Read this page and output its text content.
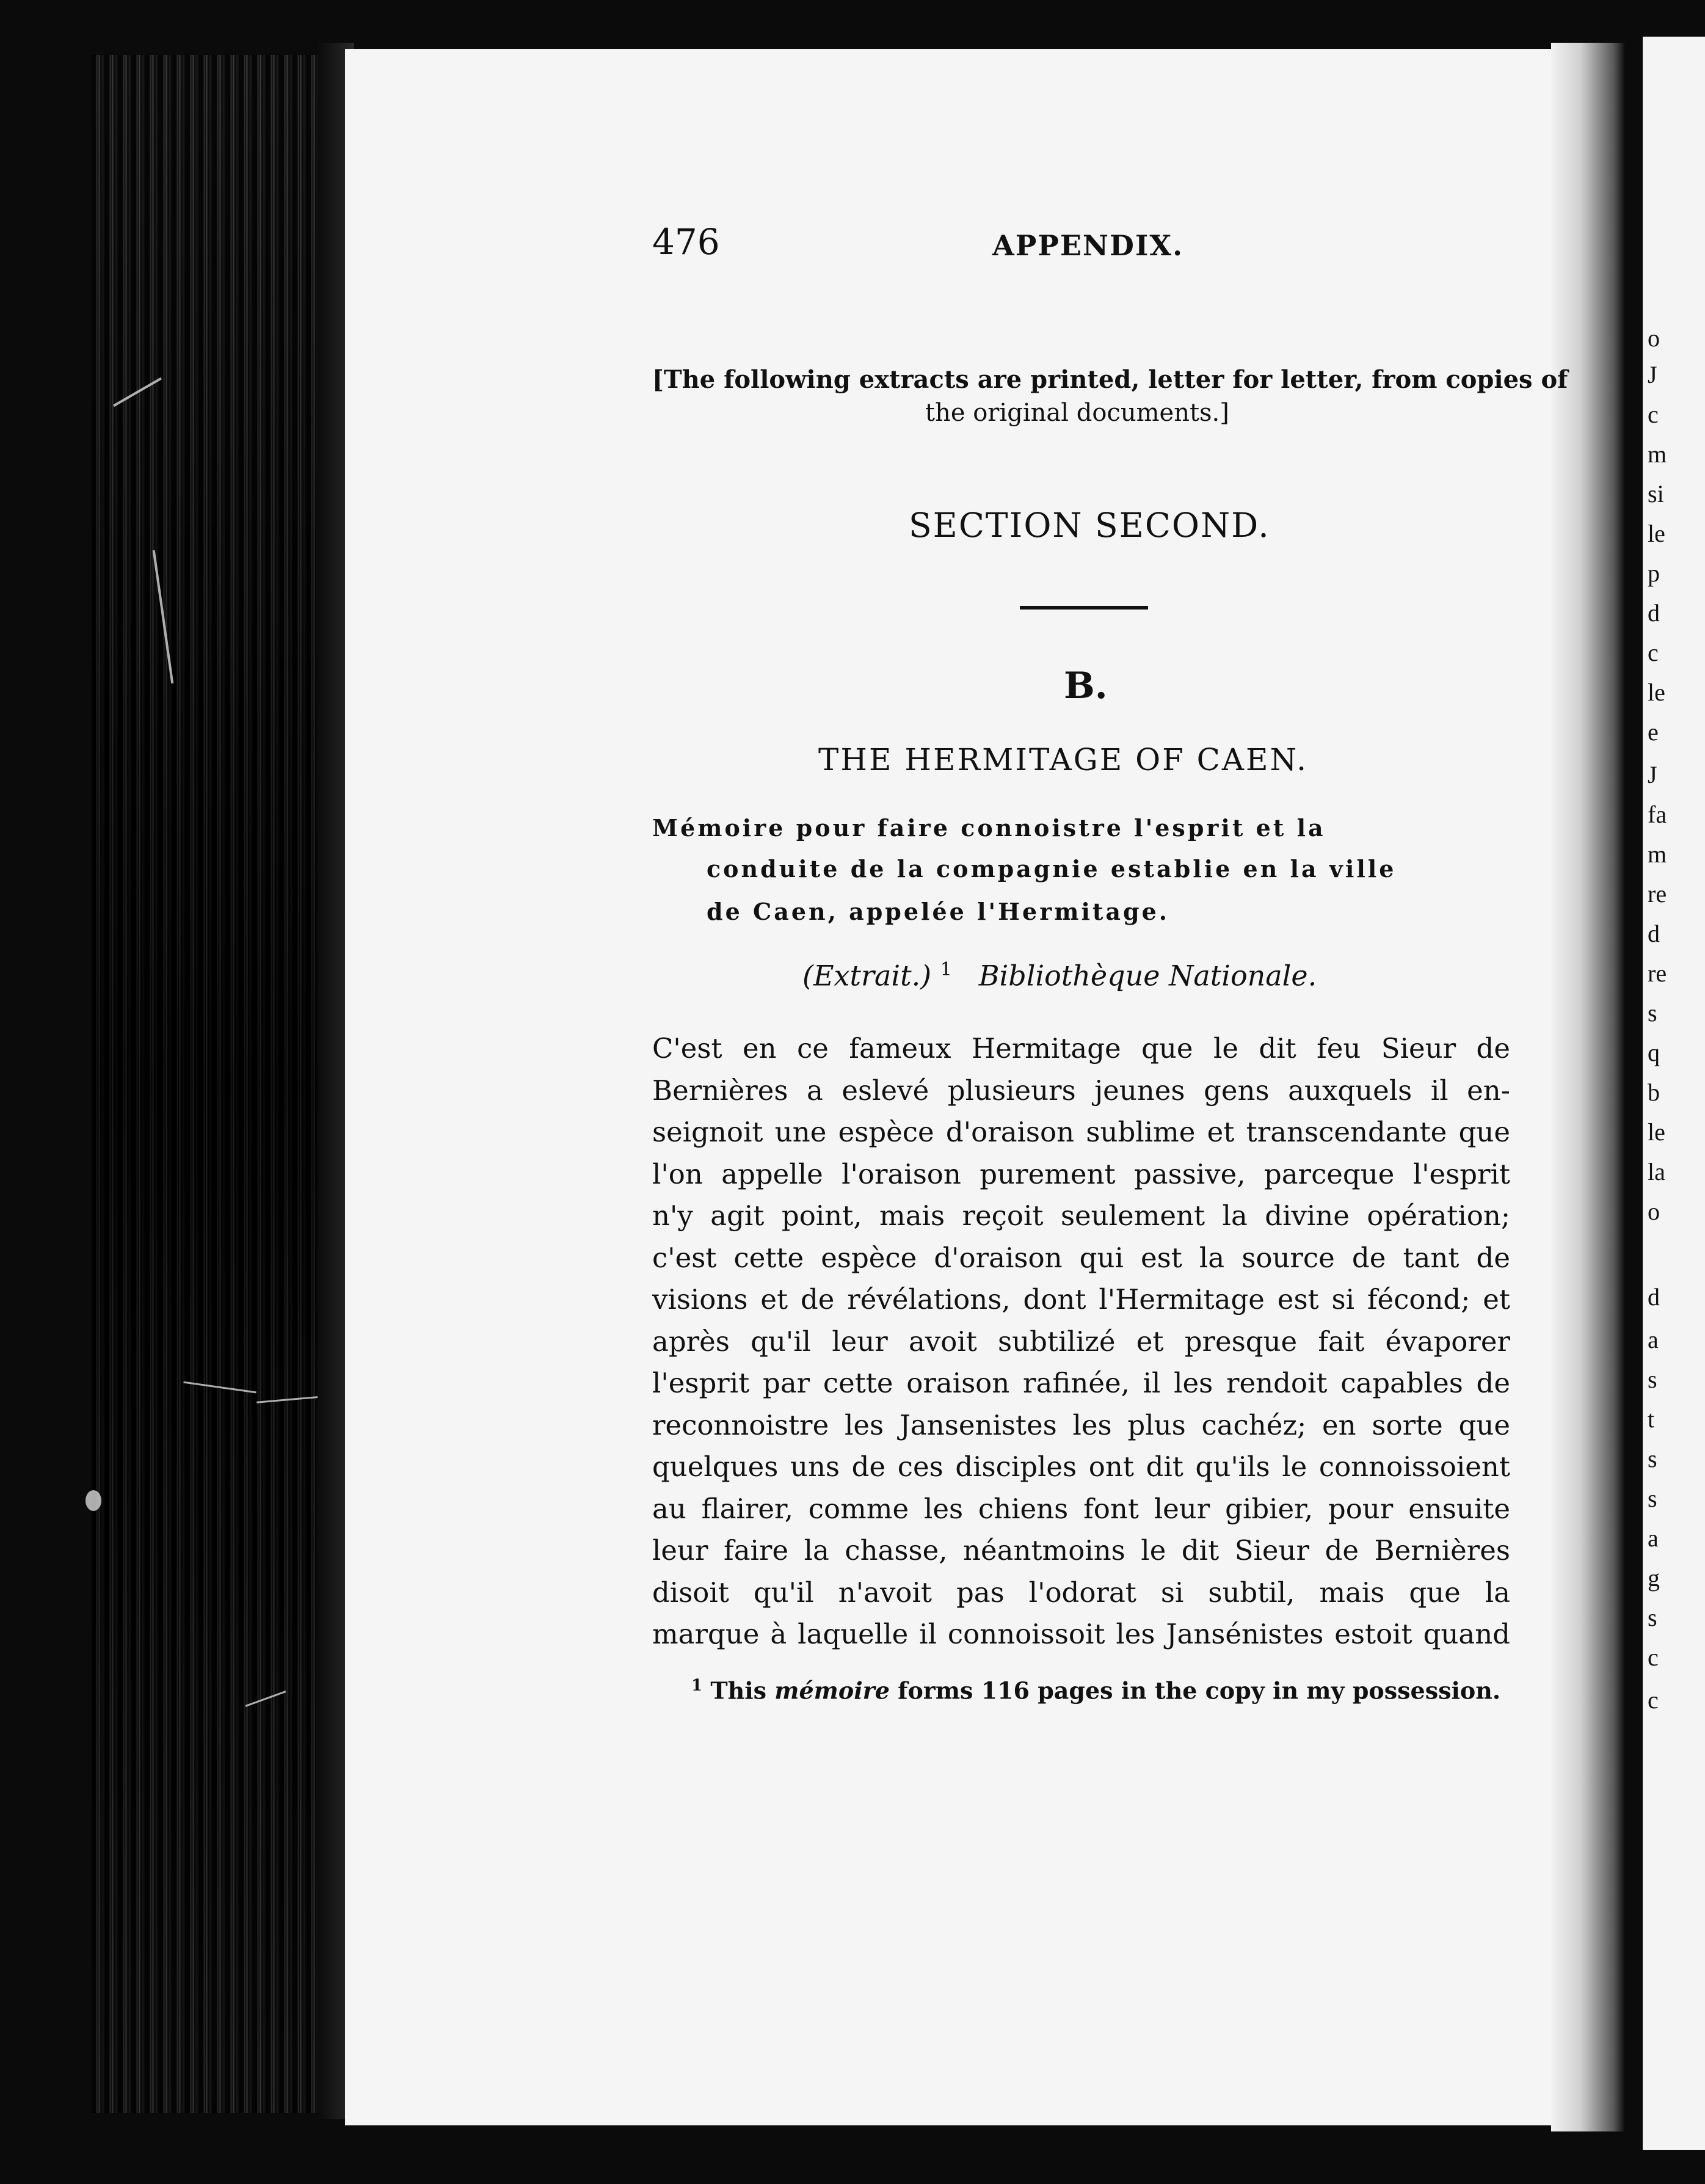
o
J
c
m
si
le
p
d
c
le
e
J
fa
m
re
d
re
s
q
b
le
la
o
d
a
s
t
s
s
a
g
s
c
c
476	APPENDIX.
[The following extracts are printed, letter for letter, from copies of
the original documents.]
SECTION SECOND.
B.
THE HERMITAGE OF CAEN.
Mémoire pour faire connoistre l'esprit et la
conduite de la compagnie establie en la ville
de Caen, appelée l'Hermitage.
(Extrait.) $^1$ Bibliothèque Nationale.
C'est en ce fameux Hermitage que le dit feu Sieur de
Bernières a eslevé plusieurs jeunes gens auxquels il en-
seignoit une espèce d'oraison sublime et transcendante que
l'on appelle l'oraison purement passive, parceque l'esprit
n'y agit point, mais reçoit seulement la divine opération;
c'est cette espèce d'oraison qui est la source de tant de
visions et de révélations, dont l'Hermitage est si fécond; et
après qu'il leur avoit subtilizé et presque fait évaporer
l'esprit par cette oraison rafinée, il les rendoit capables de
reconnoistre les Jansenistes les plus cachéz; en sorte que
quelques uns de ces disciples ont dit qu'ils le connoissoient
au flairer, comme les chiens font leur gibier, pour ensuite
leur faire la chasse, néantmoins le dit Sieur de Bernières
disoit qu'il n'avoit pas l'odorat si subtil, mais que la
marque à laquelle il connoissoit les Jansénistes estoit quand
$^1$ This mémoire forms 116 pages in the copy in my possession.
